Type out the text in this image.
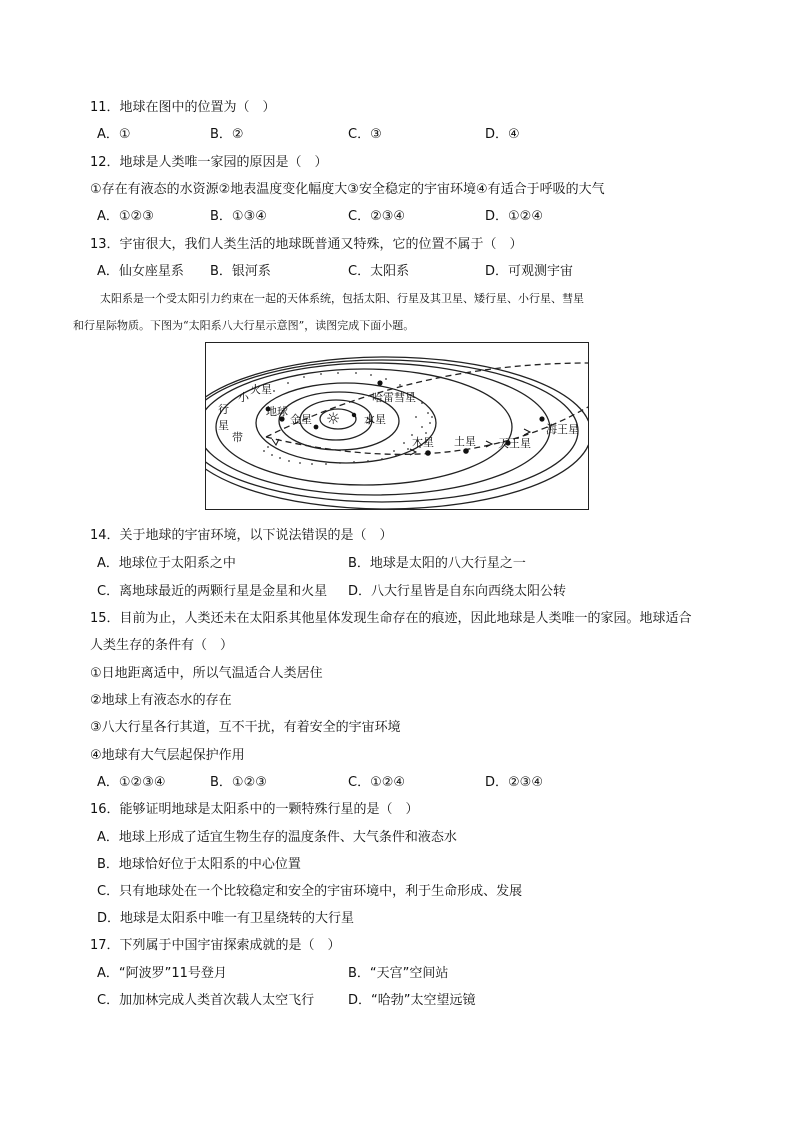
11．地球在图中的位置为（　）
A．①	B．②	C．③	D．④
12．地球是人类唯一家园的原因是（　）
①存在有液态的水资源②地表温度变化幅度大③安全稳定的宇宙环境④有适合于呼吸的大气
A．①②③	B．①③④	C．②③④	D．①②④
13．宇宙很大，我们人类生活的地球既普通又特殊，它的位置不属于（　）
A．仙女座星系 B．银河系	C．太阳系	D．可观测宇宙
太阳系是一个受太阳引力约束在一起的天体系统，包括太阳、行星及其卫星、矮行星、小行星、彗星
和行星际物质。下图为“太阳系八大行星示意图”，读图完成下面小题。
☼
行
星
带
小
火星
地球
金星	水星
哈雷彗星
木星 土星 天王星
海王星
14．关于地球的宇宙环境，以下说法错误的是（　）
A．地球位于太阳系之中	B．地球是太阳的八大行星之一
C．离地球最近的两颗行星是金星和火星 D．八大行星皆是自东向西绕太阳公转
15．目前为止，人类还未在太阳系其他星体发现生命存在的痕迹，因此地球是人类唯一的家园。地球适合
人类生存的条件有（　）
①日地距离适中，所以气温适合人类居住
②地球上有液态水的存在
③八大行星各行其道，互不干扰，有着安全的宇宙环境
④地球有大气层起保护作用
A．①②③④	B．①②③	C．①②④	D．②③④
16．能够证明地球是太阳系中的一颗特殊行星的是（　）
A．地球上形成了适宜生物生存的温度条件、大气条件和液态水
B．地球恰好位于太阳系的中心位置
C．只有地球处在一个比较稳定和安全的宇宙环境中，利于生命形成、发展
D．地球是太阳系中唯一有卫星绕转的大行星
17．下列属于中国宇宙探索成就的是（　）
A．“阿波罗”11号登月	B．“天宫”空间站
C．加加林完成人类首次载人太空飞行	D．“哈勃”太空望远镜
